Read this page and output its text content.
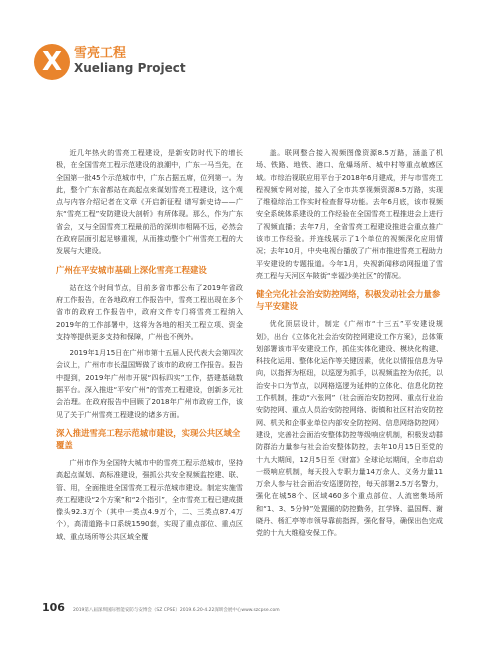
X 雪亮工程
Xueliang Project

近几年热火的雪亮工程建设，是新安防时代下的增长极，在全国雪亮工程示范建设的浪潮中，广东一马当先，在全国第一批45个示范城市中，广东占据五席，位列第一。为此，整个广东省都站在高起点来谋划雪亮工程建设，这个观点与内容介绍记者在文章《开启新征程 谱写新史诗——广东“雪亮工程”安防建设大剖析》有所体现。那么，作为广东省会，又与全国雪亮工程最前沿的深圳市相隔不远，必然会在政府层面引起足够重视，从而推动整个广州雪亮工程的大发展与大建设。

广州在平安城市基础上深化雪亮工程建设

站在这个时间节点，目前多省市都公布了2019年省政府工作报告，在各地政府工作报告中，雪亮工程出现在多个省市的政府工作报告中，政府文件专门将雪亮工程纳入2019年的工作部署中，这将为各地的相关工程立项、资金支持等提供更多支持和保障，广州也不例外。

2019年1月15日在广州市第十五届人民代表大会第四次会议上，广州市市长温国辉做了该市的政府工作报告。报告中提到，2019年广州市开展“四标四实”工作，搭建基础数据平台。深入推进“平安广州”的雪亮工程建设，创新多元社会治理。在政府报告中回顾了2018年广州市政府工作，该见了关于广州雪亮工程建设的诸多方面。

深入推进雪亮工程示范城市建设，实现公共区域全覆盖

广州市作为全国特大城市中的雪亮工程示范城市，坚持高起点谋划、高标准建设，强抓公共安全视频监控建、联、管、用，全面推进全国雪亮工程示范城市建设。制定实施雪亮工程建设“2个方案”和“2个指引”，全市雪亮工程已建成摄像头92.3万个（其中一类点4.9万个，二、三类点87.4万个），高清道路卡口系统1590套，实现了重点部位、重点区域、重点场所等公共区域全覆

盖。联网整合接入视频图像资源8.5万路，涵盖了机场、铁路、地铁、港口、危爆场所、城中村等重点敏感区域。市综治视联应用平台于2018年6月建成，并与市雪亮工程视频专网对接，接入了全市共享视频资源8.5万路，实现了维稳综治工作实时检查督导功能。去年6月底，该市视频安全系统体系建设的工作经验在全国雪亮工程推进会上进行了视频直播；去年7月，全省雪亮工程建设推进会重点推广该市工作经验。并连线展示了1个单位的视频深化应用情况；去年10月，中央电视台播放了广州市推进雪亮工程助力平安建设的专题报道。今年1月，央视新闻移动网报道了雪亮工程与天河区车陂街“幸福沙美社区”的情况。

健全完化社会治安防控网络，积极发动社会力量参与平安建设

优化顶层设计，制定《广州市“十三五”平安建设规划》，出台《立体化社会治安防控网建设工作方案》，总体策划部署该市平安建设工作，抓住实体化建设、模块化构建、科技化运用、整体化运作等关键因素，优化以情报信息为导向，以指挥为枢纽，以巡逻为抓手，以视频监控为依托，以治安卡口为节点，以网格巡逻为延伸的立体化、信息化防控工作机制，推动“六张网”（社会面治安防控网、重点行业治安防控网、重点人员治安防控网络、街镇和社区村治安防控网、机关和企事业单位内部安全防控网、信息网络防控网）建设，完善社会面治安整体防控等级响应机制，积极发动群防群治力量参与社会治安整体防控，去年10月15日至党的十九大期间，12月5日至《财富》全球论坛期间，全市启动一级响应机制，每天投入专职力量14万余人、义务力量11万余人参与社会面治安巡逻防控，每天部署2.5万名警力，强化在城58个、区域460多个重点部位、人流密集场所和“1、3、5分钟”处置圈的防控勤务，扛学锋、温国辉、谢晓丹、杨汇亭等市领导靠前指挥，强化督导，确保出色完成党的十九大维稳安保工作。

106 2019第八届深圳国际智能安防与安博会（SZ CPSE）2019.6.20-4.22深圳会展中心www.szcpse.com
